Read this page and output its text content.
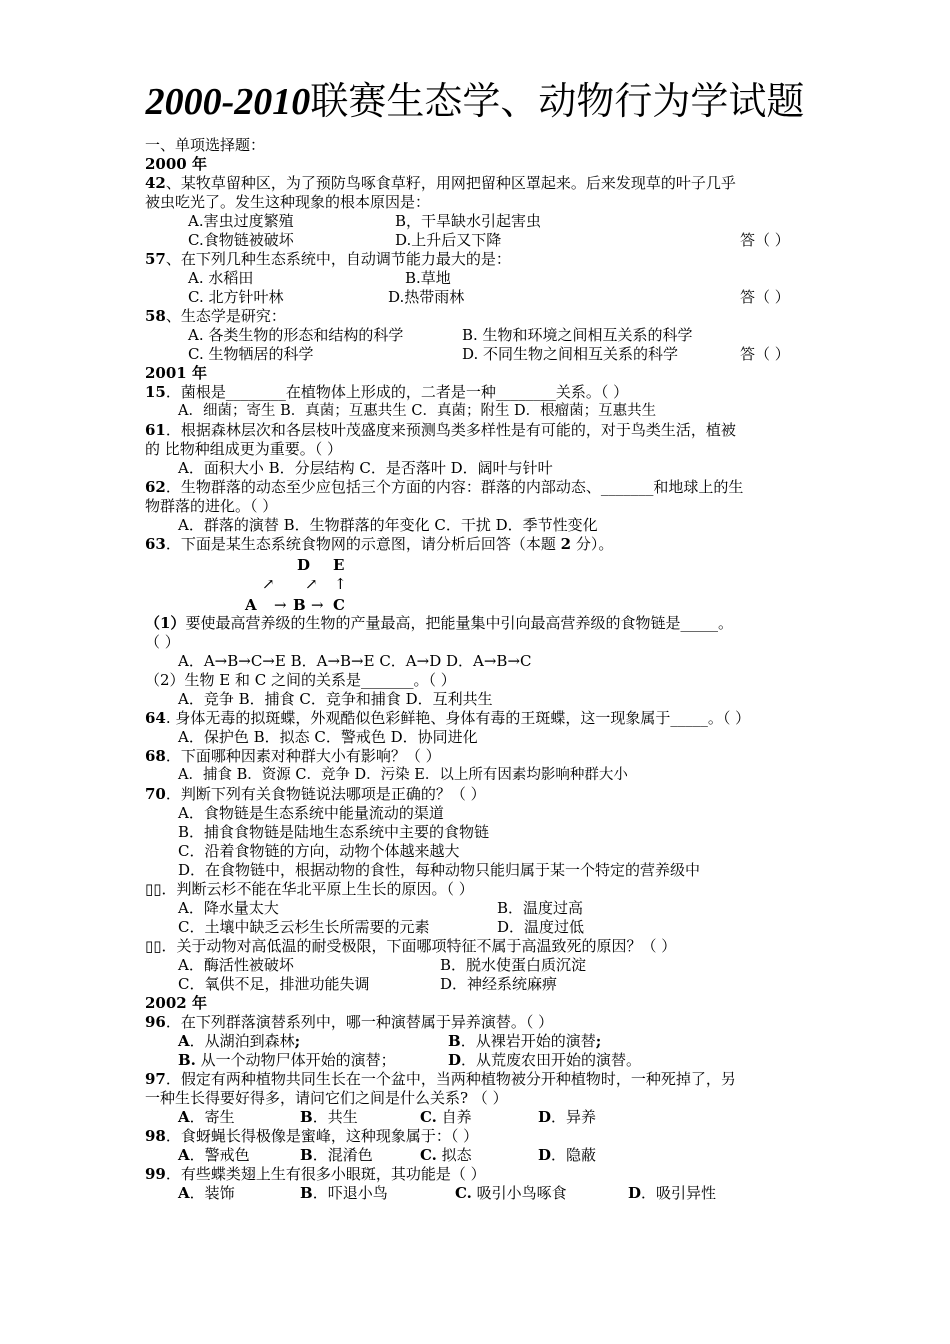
2000-2010联赛生态学、动物行为学试题
一、单项选择题：
2000 年
42、某牧草留种区，为了预防鸟啄食草籽，用网把留种区罩起来。后来发现草的叶子几乎
被虫吃光了。发生这种现象的根本原因是：
A.害虫过度繁殖	B，干旱缺水引起害虫
C.食物链被破坏	D.上升后又下降	答（ ）
57、在下列几种生态系统中，自动调节能力最大的是：
A. 水稻田	B.草地
C. 北方针叶林	D.热带雨林	答（ ）
58、生态学是研究：
A. 各类生物的形态和结构的科学	B. 生物和环境之间相互关系的科学
C. 生物牺居的科学	D. 不同生物之间相互关系的科学	答（ ）
2001 年
15．菌根是________在植物体上形成的，二者是一种________关系。（ ）
A．细菌；寄生 B．真菌；互惠共生 C．真菌；附生 D．根瘤菌；互惠共生
61．根据森林层次和各层枝叶茂盛度来预测鸟类多样性是有可能的，对于鸟类生活，植被
的 比物种组成更为重要。（ ）
A．面积大小 B．分层结构 C．是否落叶 D．阔叶与针叶
62．生物群落的动态至少应包括三个方面的内容：群落的内部动态、_______和地球上的生
物群落的进化。（ ）
A．群落的演替 B．生物群落的年变化 C．干扰 D．季节性变化
63．下面是某生态系统食物网的示意图，请分析后回答（本题 2 分）。
D E
↗ ↗ ↑
A → B → C
（1）要使最高营养级的生物的产量最高，把能量集中引向最高营养级的食物链是_____。
（ ）
A．A→B→C→E B．A→B→E C．A→D D．A→B→C
（2）生物 E 和 C 之间的关系是_______。（ ）
A．竞争 B．捕食 C．竞争和捕食 D．互利共生
64. 身体无毒的拟斑蝶，外观酷似色彩鲜艳、身体有毒的王斑蝶，这一现象属于_____。（ ）
A．保护色 B．拟态 C．警戒色 D．协同进化
68．下面哪种因素对种群大小有影响？（ ）
A．捕食 B．资源 C．竞争 D．污染 E．以上所有因素均影响种群大小
70．判断下列有关食物链说法哪项是正确的？（ ）
A．食物链是生态系统中能量流动的渠道
B．捕食食物链是陆地生态系统中主要的食物链
C．沿着食物链的方向，动物个体越来越大
D．在食物链中，根据动物的食性，每种动物只能归属于某一个特定的营养级中
▯▯．判断云杉不能在华北平原上生长的原因。（ ）
A．降水量太大	B．温度过高
C．土壤中缺乏云杉生长所需要的元素	D．温度过低
▯▯．关于动物对高低温的耐受极限，下面哪项特征不属于高温致死的原因？（ ）
A．酶活性被破坏	B．脱水使蛋白质沉淀
C．氧供不足，排泄功能失调	D．神经系统麻痹
2002 年
96．在下列群落演替系列中，哪一种演替属于异养演替。（ ）
A．从湖泊到森林;	B．从裸岩开始的演替;
B. 从一个动物尸体开始的演替；	D．从荒废农田开始的演替。
97．假定有两种植物共同生长在一个盆中，当两种植物被分开种植物时，一种死掉了，另
一种生长得要好得多，请问它们之间是什么关系? （ ）
A．寄生	B．共生	C. 自养	D．异养
98．食蚜蝇长得极像是蜜峰，这种现象属于：（ ）
A．警戒色	B．混淆色	C. 拟态	D．隐蔽
99．有些蝶类翅上生有很多小眼斑，其功能是（ ）
A．装饰	B．吓退小鸟	C. 吸引小鸟啄食	D．吸引异性
